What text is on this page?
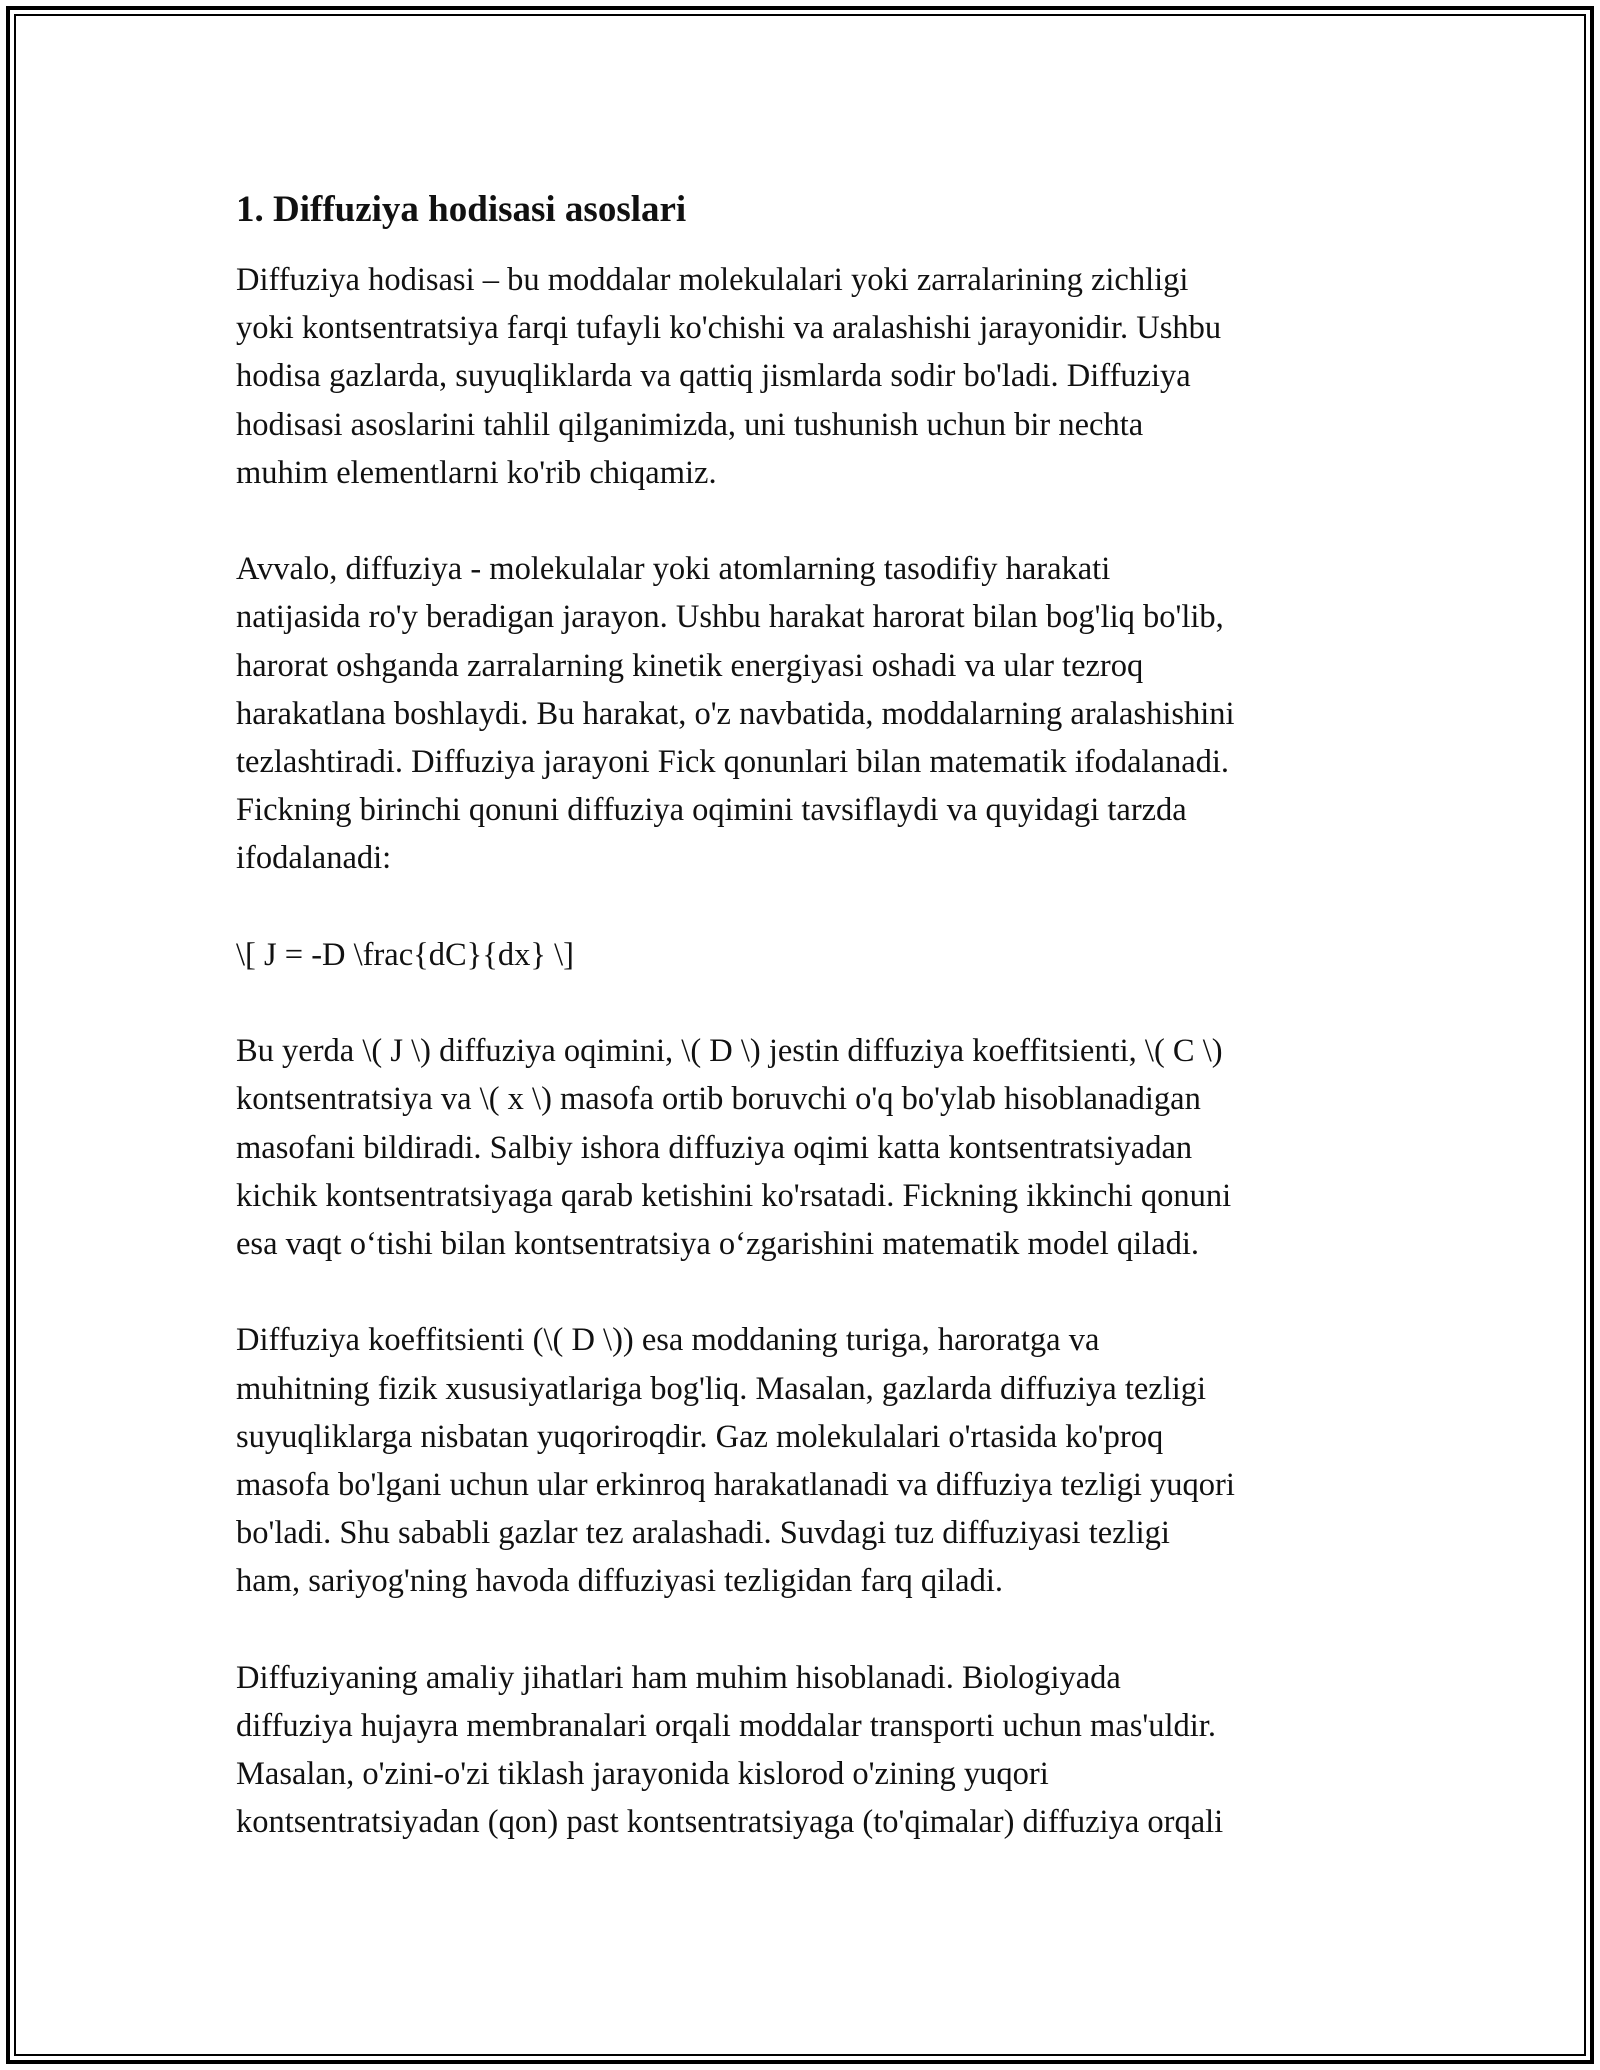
1. Diffuziya hodisasi asoslari
Diffuziya hodisasi – bu moddalar molekulalari yoki zarralarining zichligi
yoki kontsentratsiya farqi tufayli ko'chishi va aralashishi jarayonidir. Ushbu
hodisa gazlarda, suyuqliklarda va qattiq jismlarda sodir bo'ladi. Diffuziya
hodisasi asoslarini tahlil qilganimizda, uni tushunish uchun bir nechta
muhim elementlarni ko'rib chiqamiz.
Avvalo, diffuziya - molekulalar yoki atomlarning tasodifiy harakati
natijasida ro'y beradigan jarayon. Ushbu harakat harorat bilan bog'liq bo'lib,
harorat oshganda zarralarning kinetik energiyasi oshadi va ular tezroq
harakatlana boshlaydi. Bu harakat, o'z navbatida, moddalarning aralashishini
tezlashtiradi. Diffuziya jarayoni Fick qonunlari bilan matematik ifodalanadi.
Fickning birinchi qonuni diffuziya oqimini tavsiflaydi va quyidagi tarzda
ifodalanadi:
\[ J = -D \frac{dC}{dx} \]
Bu yerda \( J \) diffuziya oqimini, \( D \) jestin diffuziya koeffitsienti, \( C \)
kontsentratsiya va \( x \) masofa ortib boruvchi o'q bo'ylab hisoblanadigan
masofani bildiradi. Salbiy ishora diffuziya oqimi katta kontsentratsiyadan
kichik kontsentratsiyaga qarab ketishini ko'rsatadi. Fickning ikkinchi qonuni
esa vaqt oʻtishi bilan kontsentratsiya oʻzgarishini matematik model qiladi.
Diffuziya koeffitsienti (\( D \)) esa moddaning turiga, haroratga va
muhitning fizik xususiyatlariga bog'liq. Masalan, gazlarda diffuziya tezligi
suyuqliklarga nisbatan yuqoriroqdir. Gaz molekulalari o'rtasida ko'proq
masofa bo'lgani uchun ular erkinroq harakatlanadi va diffuziya tezligi yuqori
bo'ladi. Shu sababli gazlar tez aralashadi. Suvdagi tuz diffuziyasi tezligi
ham, sariyog'ning havoda diffuziyasi tezligidan farq qiladi.
Diffuziyaning amaliy jihatlari ham muhim hisoblanadi. Biologiyada
diffuziya hujayra membranalari orqali moddalar transporti uchun mas'uldir.
Masalan, o'zini-o'zi tiklash jarayonida kislorod o'zining yuqori
kontsentratsiyadan (qon) past kontsentratsiyaga (to'qimalar) diffuziya orqali
